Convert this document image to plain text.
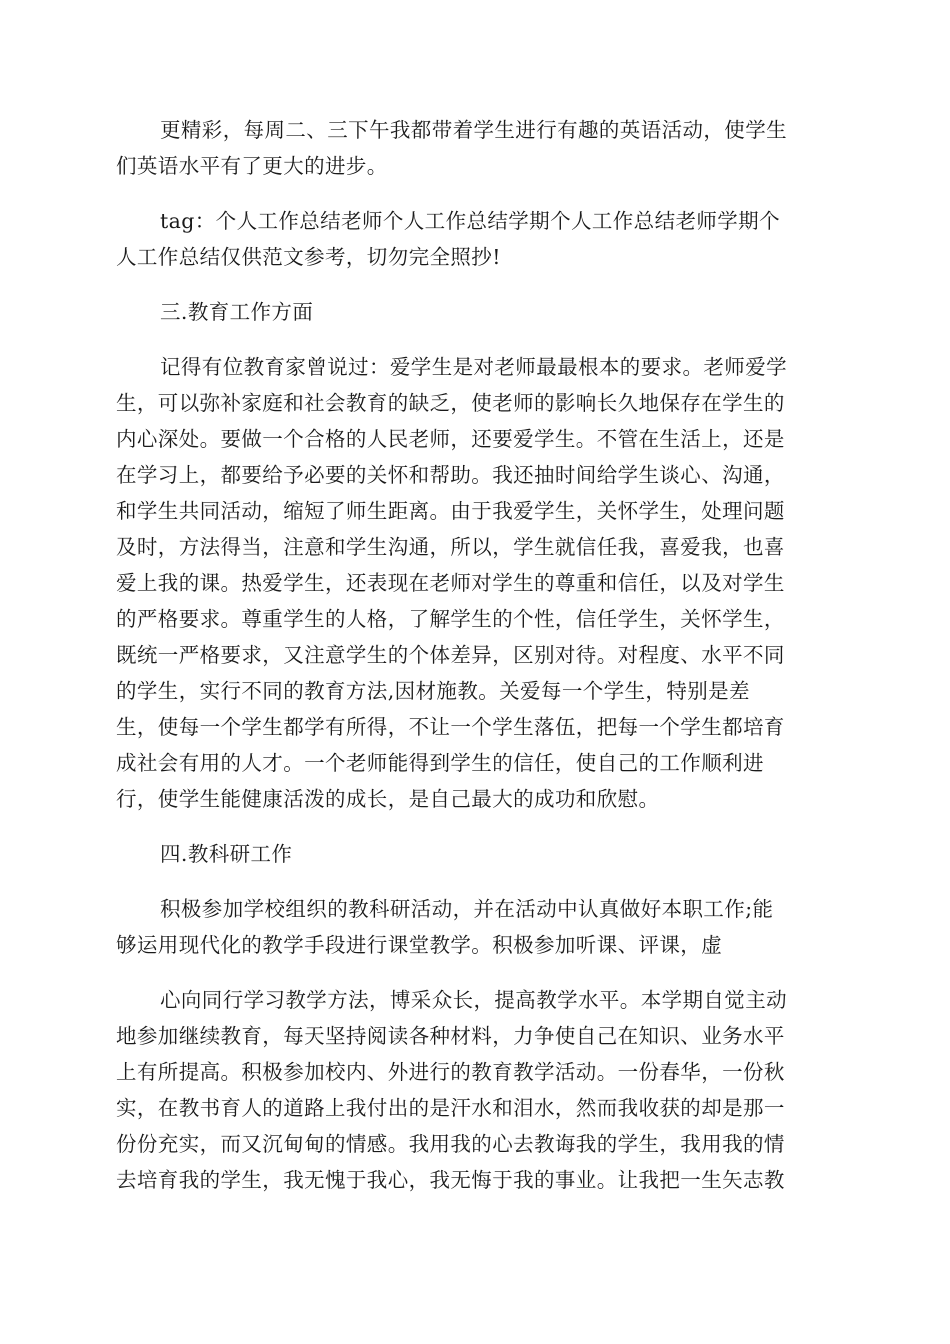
更精彩，每周二、三下午我都带着学生进行有趣的英语活动，使学生
们英语水平有了更大的进步。

tag：个人工作总结老师个人工作总结学期个人工作总结老师学期个
人工作总结仅供范文参考，切勿完全照抄!

三.教育工作方面

记得有位教育家曾说过：爱学生是对老师最最根本的要求。老师爱学
生，可以弥补家庭和社会教育的缺乏，使老师的影响长久地保存在学生的
内心深处。要做一个合格的人民老师，还要爱学生。不管在生活上，还是
在学习上，都要给予必要的关怀和帮助。我还抽时间给学生谈心、沟通，
和学生共同活动，缩短了师生距离。由于我爱学生，关怀学生，处理问题
及时，方法得当，注意和学生沟通，所以，学生就信任我，喜爱我，也喜
爱上我的课。热爱学生，还表现在老师对学生的尊重和信任，以及对学生
的严格要求。尊重学生的人格，了解学生的个性，信任学生，关怀学生，
既统一严格要求，又注意学生的个体差异，区别对待。对程度、水平不同
的学生，实行不同的教育方法,因材施教。关爱每一个学生，特别是差
生，使每一个学生都学有所得，不让一个学生落伍，把每一个学生都培育
成社会有用的人才。一个老师能得到学生的信任，使自己的工作顺利进
行，使学生能健康活泼的成长，是自己最大的成功和欣慰。

四.教科研工作

积极参加学校组织的教科研活动，并在活动中认真做好本职工作;能
够运用现代化的教学手段进行课堂教学。积极参加听课、评课，虚

心向同行学习教学方法，博采众长，提高教学水平。本学期自觉主动
地参加继续教育，每天坚持阅读各种材料，力争使自己在知识、业务水平
上有所提高。积极参加校内、外进行的教育教学活动。一份春华，一份秋
实，在教书育人的道路上我付出的是汗水和泪水，然而我收获的却是那一
份份充实，而又沉甸甸的情感。我用我的心去教诲我的学生，我用我的情
去培育我的学生，我无愧于我心，我无悔于我的事业。让我把一生矢志教
